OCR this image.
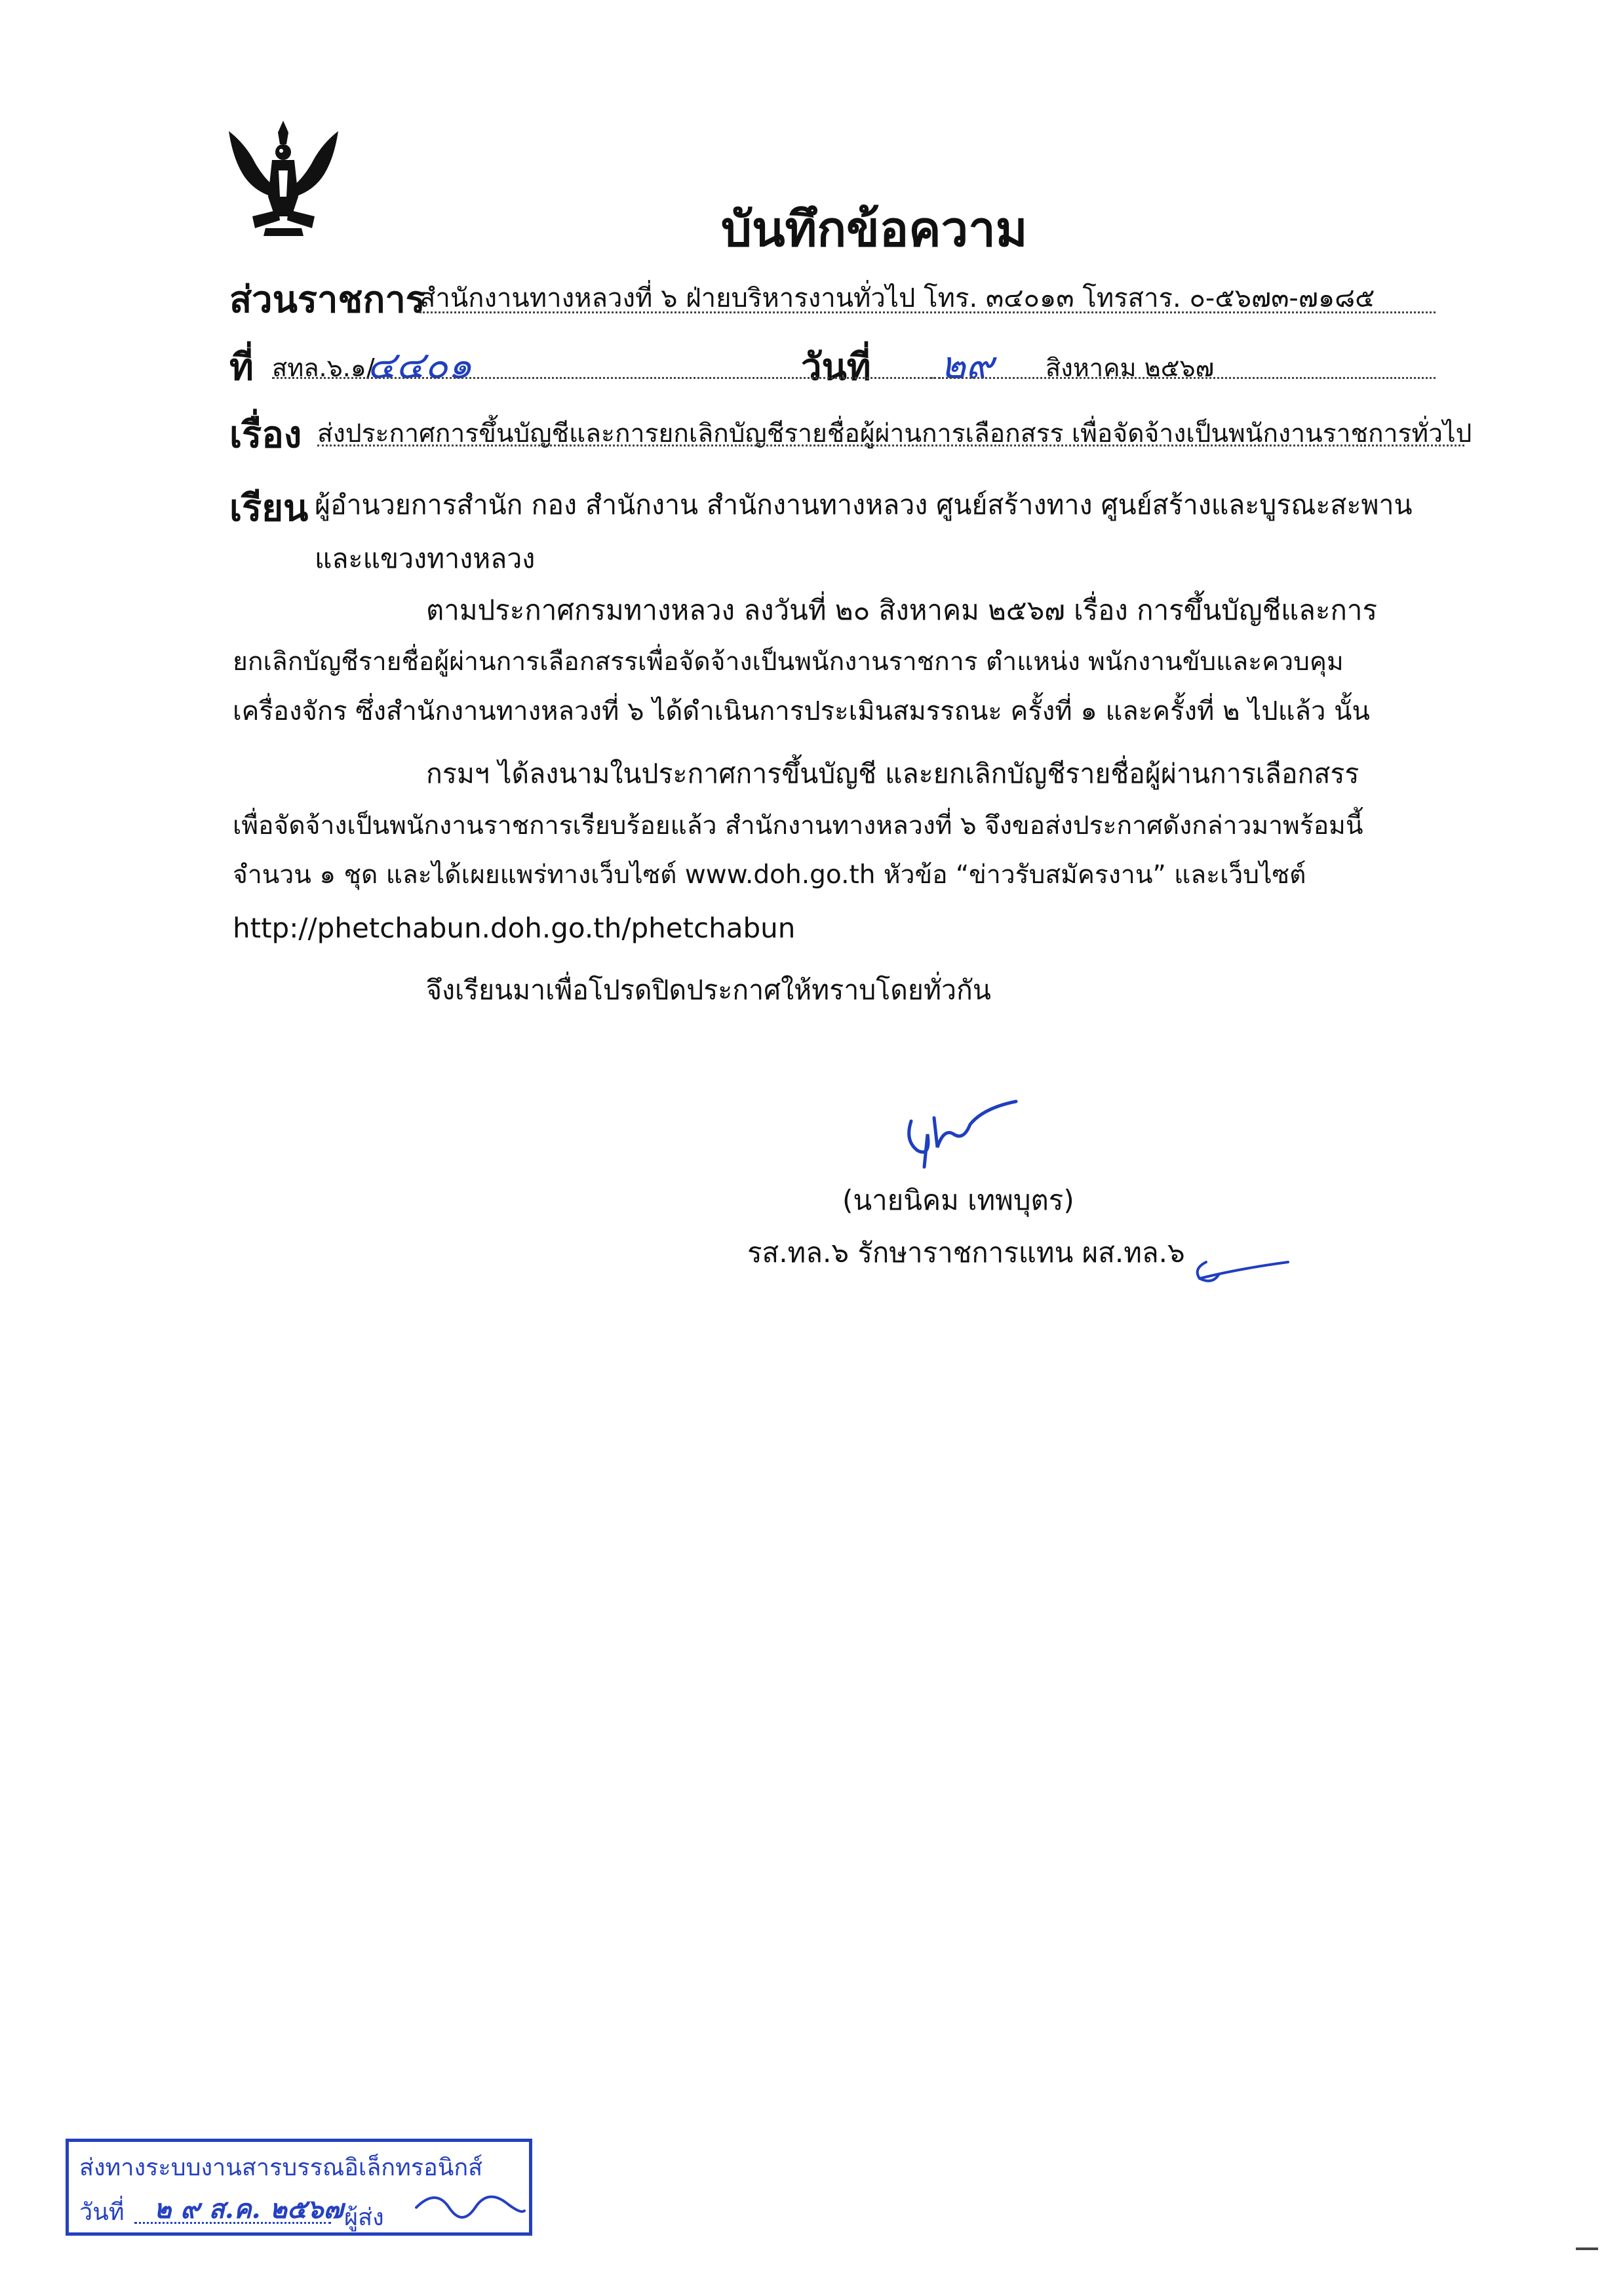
บันทึกข้อความ
ส่วนราชการ
สำนักงานทางหลวงที่ ๖ ฝ่ายบริหารงานทั่วไป โทร. ๓๔๐๑๓ โทรสาร. ๐-๕๖๗๓-๗๑๘๕
ที่ สทล.๖.๑/
๔๔๐๑	วันที่ ๒๙ สิงหาคม ๒๕๖๗
เรื่อง ส่งประกาศการขึ้นบัญชีและการยกเลิกบัญชีรายชื่อผู้ผ่านการเลือกสรร เพื่อจัดจ้างเป็นพนักงานราชการทั่วไป
เรียน ผู้อำนวยการสำนัก กอง สำนักงาน สำนักงานทางหลวง ศูนย์สร้างทาง ศูนย์สร้างและบูรณะสะพาน
และแขวงทางหลวง
ตามประกาศกรมทางหลวง ลงวันที่ ๒๐ สิงหาคม ๒๕๖๗ เรื่อง การขึ้นบัญชีและการ
ยกเลิกบัญชีรายชื่อผู้ผ่านการเลือกสรรเพื่อจัดจ้างเป็นพนักงานราชการ ตำแหน่ง พนักงานขับและควบคุม
เครื่องจักร ซึ่งสำนักงานทางหลวงที่ ๖ ได้ดำเนินการประเมินสมรรถนะ ครั้งที่ ๑ และครั้งที่ ๒ ไปแล้ว นั้น
กรมฯ ได้ลงนามในประกาศการขึ้นบัญชี และยกเลิกบัญชีรายชื่อผู้ผ่านการเลือกสรร
เพื่อจัดจ้างเป็นพนักงานราชการเรียบร้อยแล้ว สำนักงานทางหลวงที่ ๖ จึงขอส่งประกาศดังกล่าวมาพร้อมนี้
จำนวน ๑ ชุด และได้เผยแพร่ทางเว็บไซต์ www.doh.go.th หัวข้อ “ข่าวรับสมัครงาน” และเว็บไซต์
http://phetchabun.doh.go.th/phetchabun
จึงเรียนมาเพื่อโปรดปิดประกาศให้ทราบโดยทั่วกัน
(นายนิคม เทพบุตร)
รส.ทล.๖ รักษาราชการแทน ผส.ทล.๖
ส่งทางระบบงานสารบรรณอิเล็กทรอนิกส์
วันที่ ๒ ๙ ส.ค. ๒๕๖๗ ผู้ส่ง
